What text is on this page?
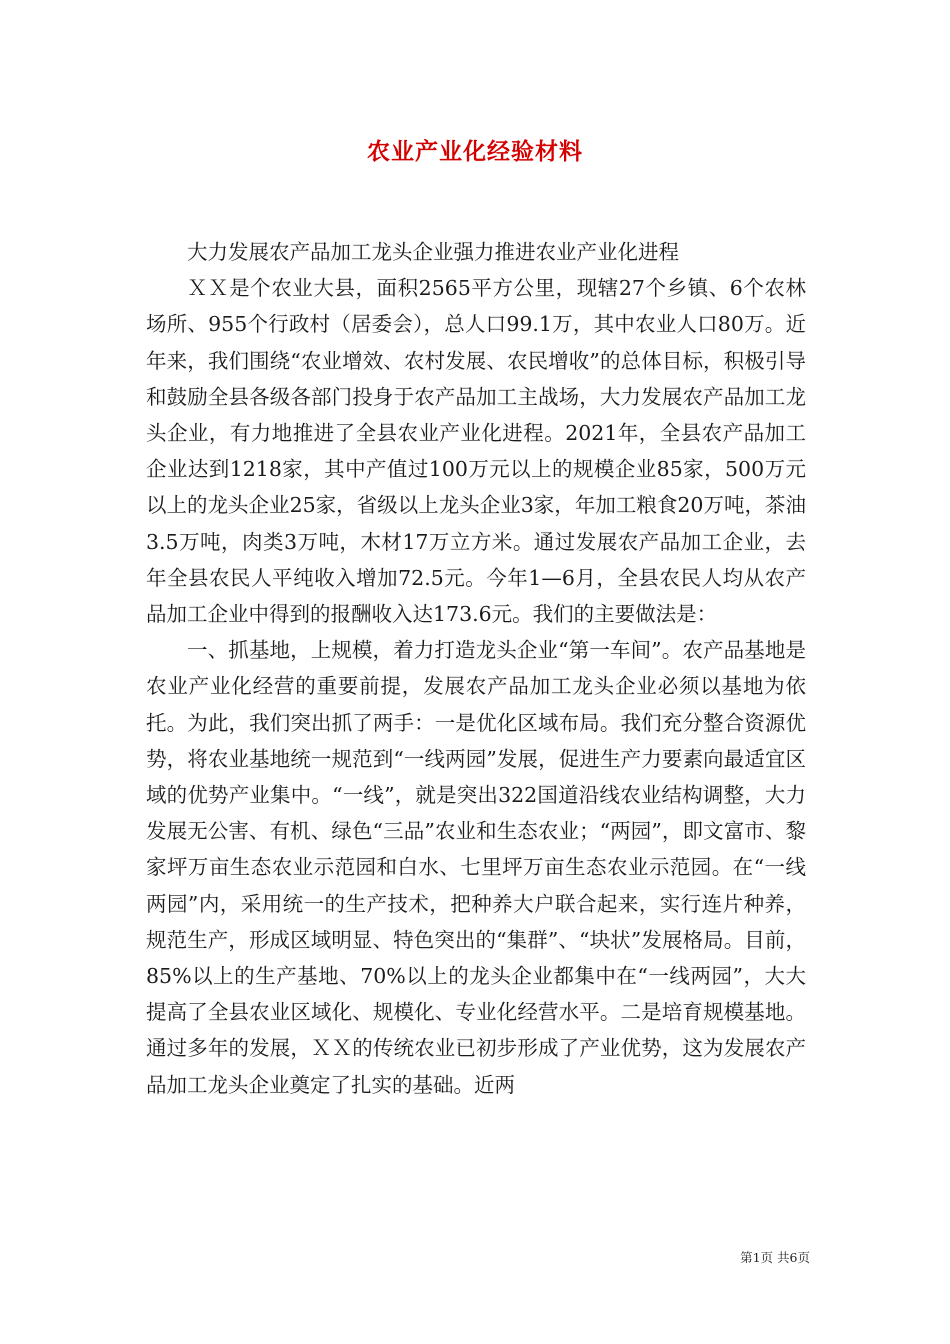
农业产业化经验材料

大力发展农产品加工龙头企业强力推进农业产业化进程

ＸＸ是个农业大县，面积2565平方公里，现辖27个乡镇、6个农林场所、955个行政村（居委会），总人口99.1万，其中农业人口80万。近年来，我们围绕“农业增效、农村发展、农民增收”的总体目标，积极引导和鼓励全县各级各部门投身于农产品加工主战场，大力发展农产品加工龙头企业，有力地推进了全县农业产业化进程。2021年，全县农产品加工企业达到1218家，其中产值过100万元以上的规模企业85家，500万元以上的龙头企业25家，省级以上龙头企业3家，年加工粮食20万吨，茶油3.5万吨，肉类3万吨，木材17万立方米。通过发展农产品加工企业，去年全县农民人平纯收入增加72.5元。今年1—6月，全县农民人均从农产品加工企业中得到的报酬收入达173.6元。我们的主要做法是：

一、抓基地，上规模，着力打造龙头企业“第一车间”。农产品基地是农业产业化经营的重要前提，发展农产品加工龙头企业必须以基地为依托。为此，我们突出抓了两手：一是优化区域布局。我们充分整合资源优势，将农业基地统一规范到“一线两园”发展，促进生产力要素向最适宜区域的优势产业集中。“一线”，就是突出322国道沿线农业结构调整，大力发展无公害、有机、绿色“三品”农业和生态农业；“两园”，即文富市、黎家坪万亩生态农业示范园和白水、七里坪万亩生态农业示范园。在“一线两园”内，采用统一的生产技术，把种养大户联合起来，实行连片种养，规范生产，形成区域明显、特色突出的“集群”、“块状”发展格局。目前，85%以上的生产基地、70%以上的龙头企业都集中在“一线两园”，大大提高了全县农业区域化、规模化、专业化经营水平。二是培育规模基地。通过多年的发展，ＸＸ的传统农业已初步形成了产业优势，这为发展农产品加工龙头企业奠定了扎实的基础。近两

第1页 共6页
